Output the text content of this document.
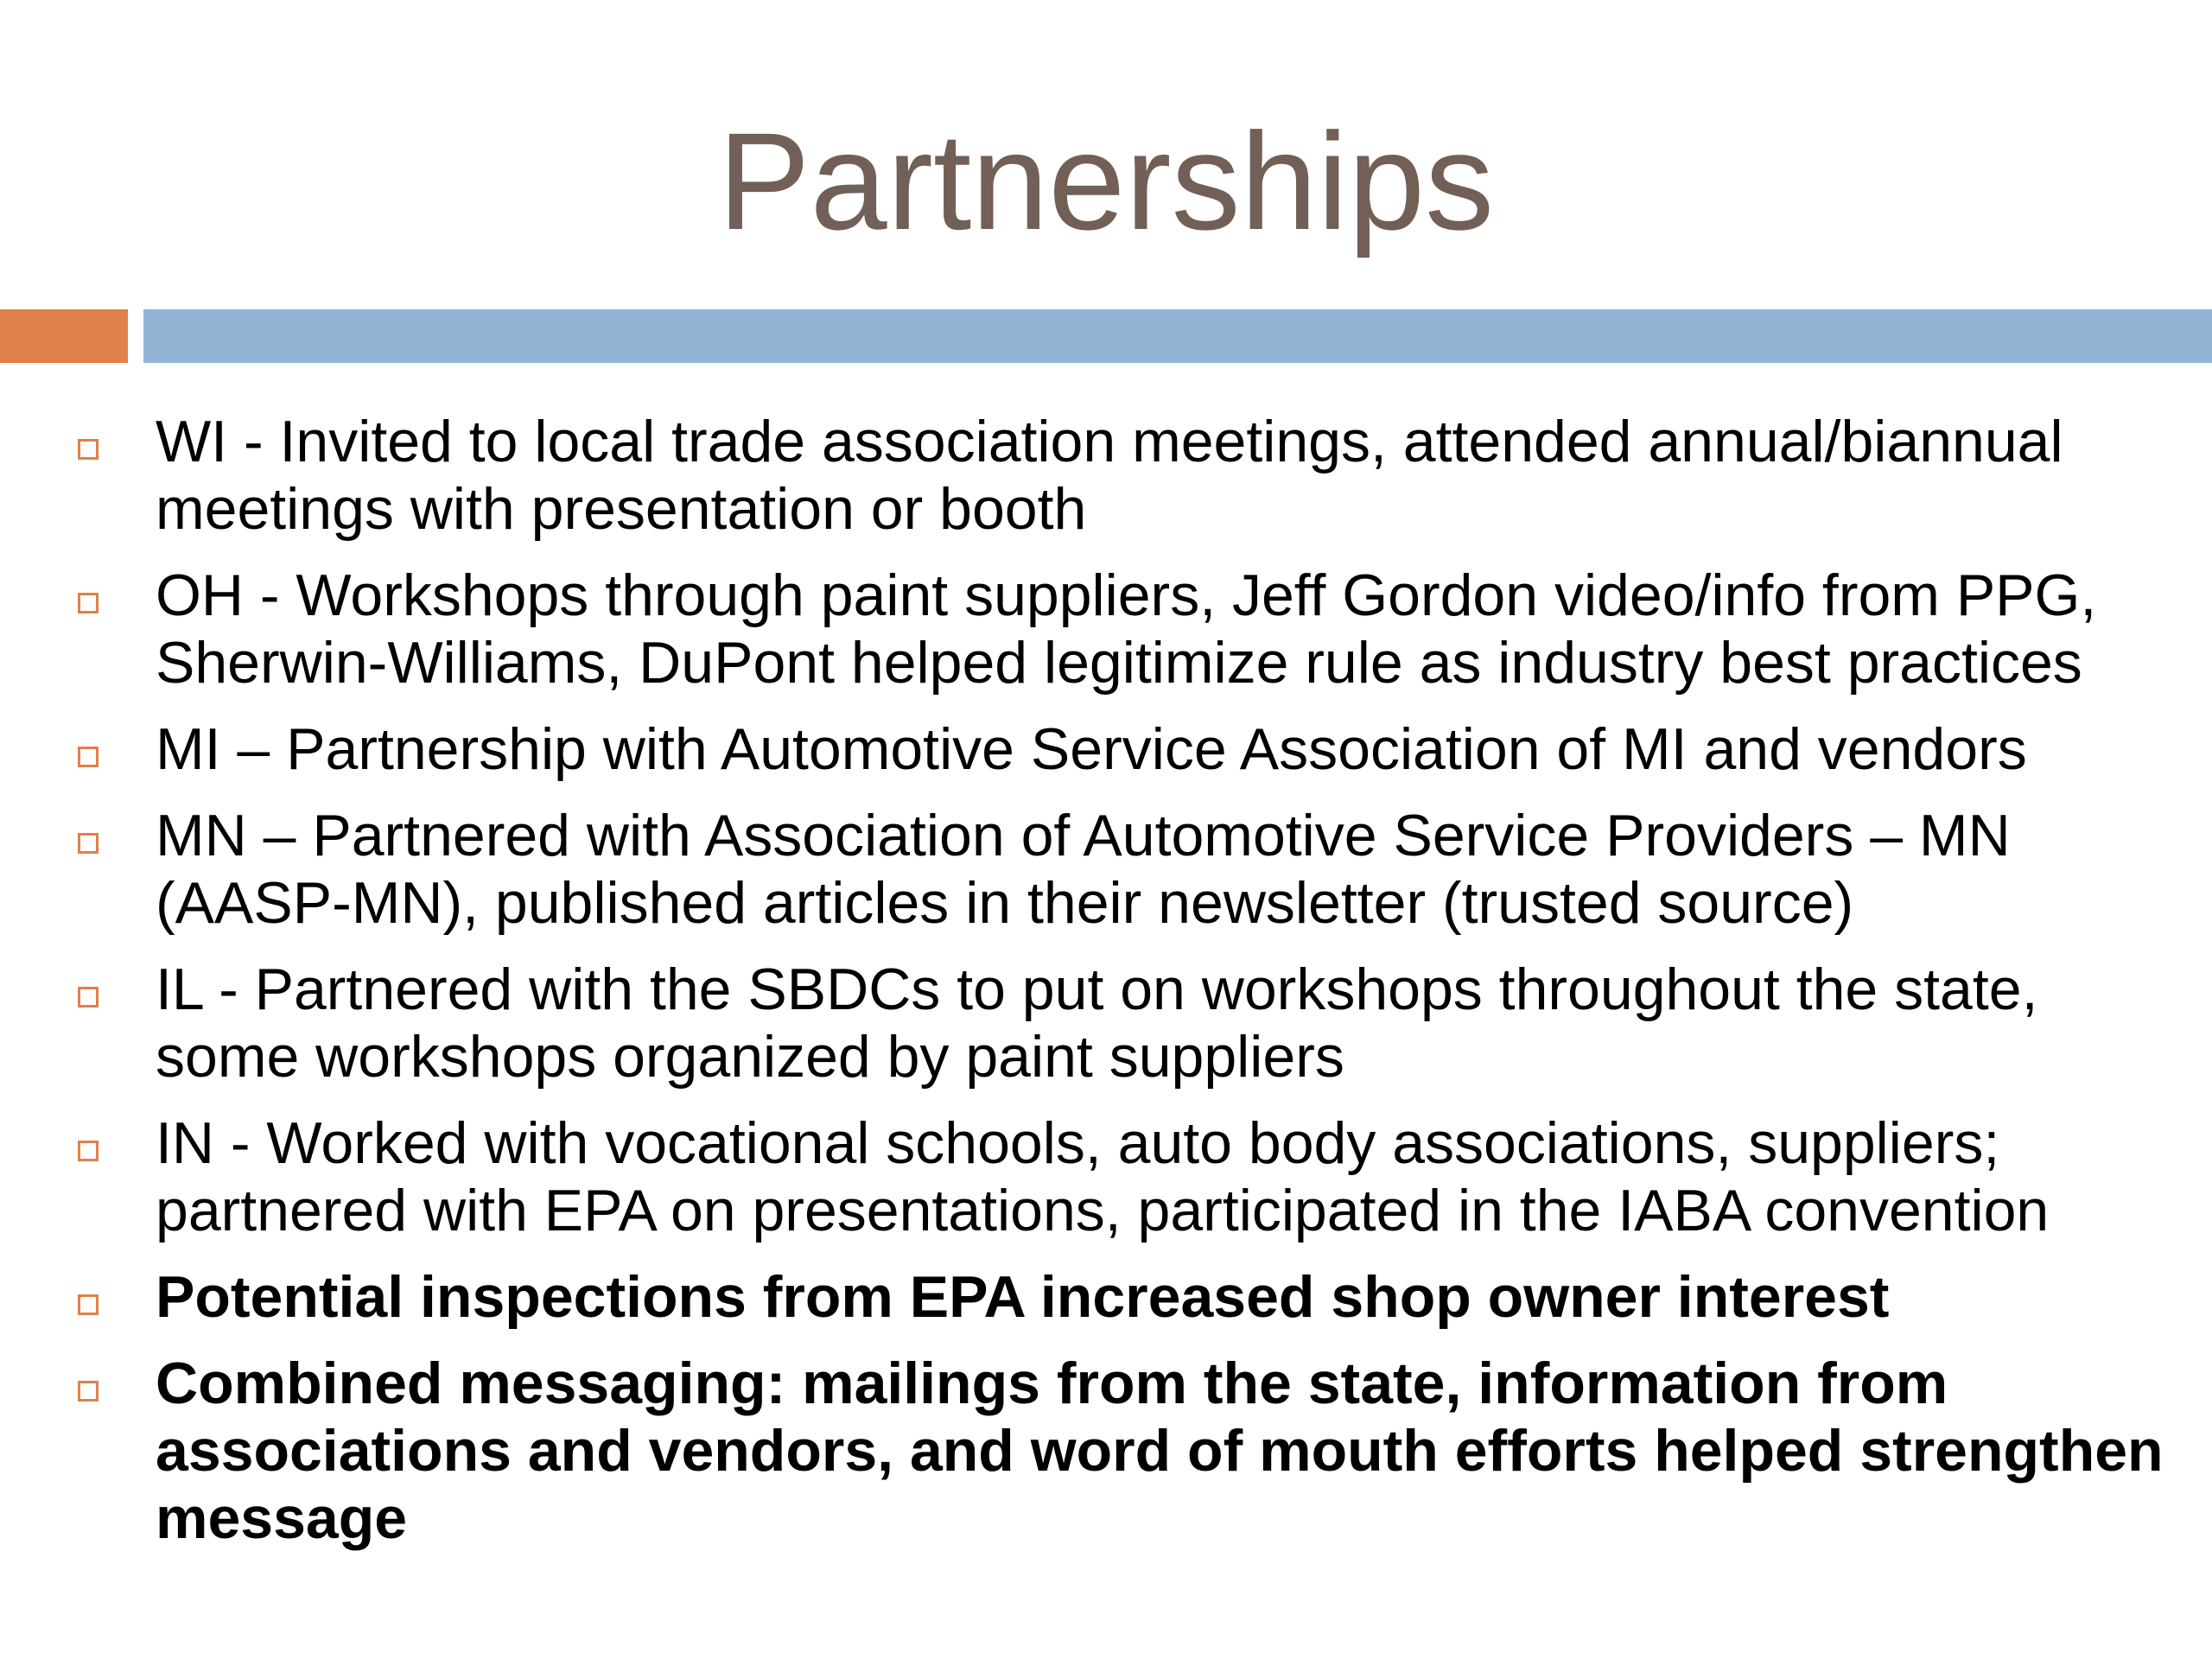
Partnerships
WI - Invited to local trade association meetings, attended annual/biannual meetings with presentation or booth
OH - Workshops through paint suppliers, Jeff Gordon video/info from PPG, Sherwin-Williams, DuPont helped legitimize rule as industry best practices
MI – Partnership with Automotive Service Association of MI and vendors
MN – Partnered with Association of Automotive Service Providers – MN (AASP-MN), published articles in their newsletter (trusted source)
IL - Partnered with the SBDCs to put on workshops throughout the state, some workshops organized by paint suppliers
IN - Worked with vocational schools, auto body associations, suppliers; partnered with EPA on presentations, participated in the IABA convention
Potential inspections from EPA increased shop owner interest
Combined messaging: mailings from the state, information from associations and vendors, and word of mouth efforts helped strengthen message
